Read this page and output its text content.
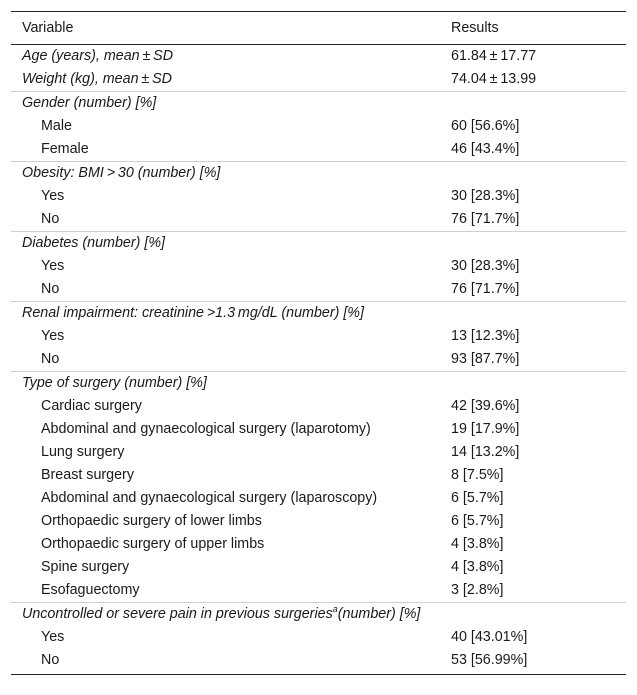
Variable	Results
Age (years), mean ± SD	61.84 ± 17.77
Weight (kg), mean ± SD	74.04 ± 13.99
Gender (number) [%]
Male	60 [56.6%]
Female	46 [43.4%]
Obesity: BMI > 30 (number) [%]
Yes	30 [28.3%]
No	76 [71.7%]
Diabetes (number) [%]
Yes	30 [28.3%]
No	76 [71.7%]
Renal impairment: creatinine >1.3 mg/dL (number) [%]
Yes	13 [12.3%]
No	93 [87.7%]
Type of surgery (number) [%]
Cardiac surgery	42 [39.6%]
Abdominal and gynaecological surgery (laparotomy)	19 [17.9%]
Lung surgery	14 [13.2%]
Breast surgery	8 [7.5%]
Abdominal and gynaecological surgery (laparoscopy)	6 [5.7%]
Orthopaedic surgery of lower limbs	6 [5.7%]
Orthopaedic surgery of upper limbs	4 [3.8%]
Spine surgery	4 [3.8%]
Esofaguectomy	3 [2.8%]
Uncontrolled or severe pain in previous surgeries$^a$(number) [%]
Yes	40 [43.01%]
No	53 [56.99%]
